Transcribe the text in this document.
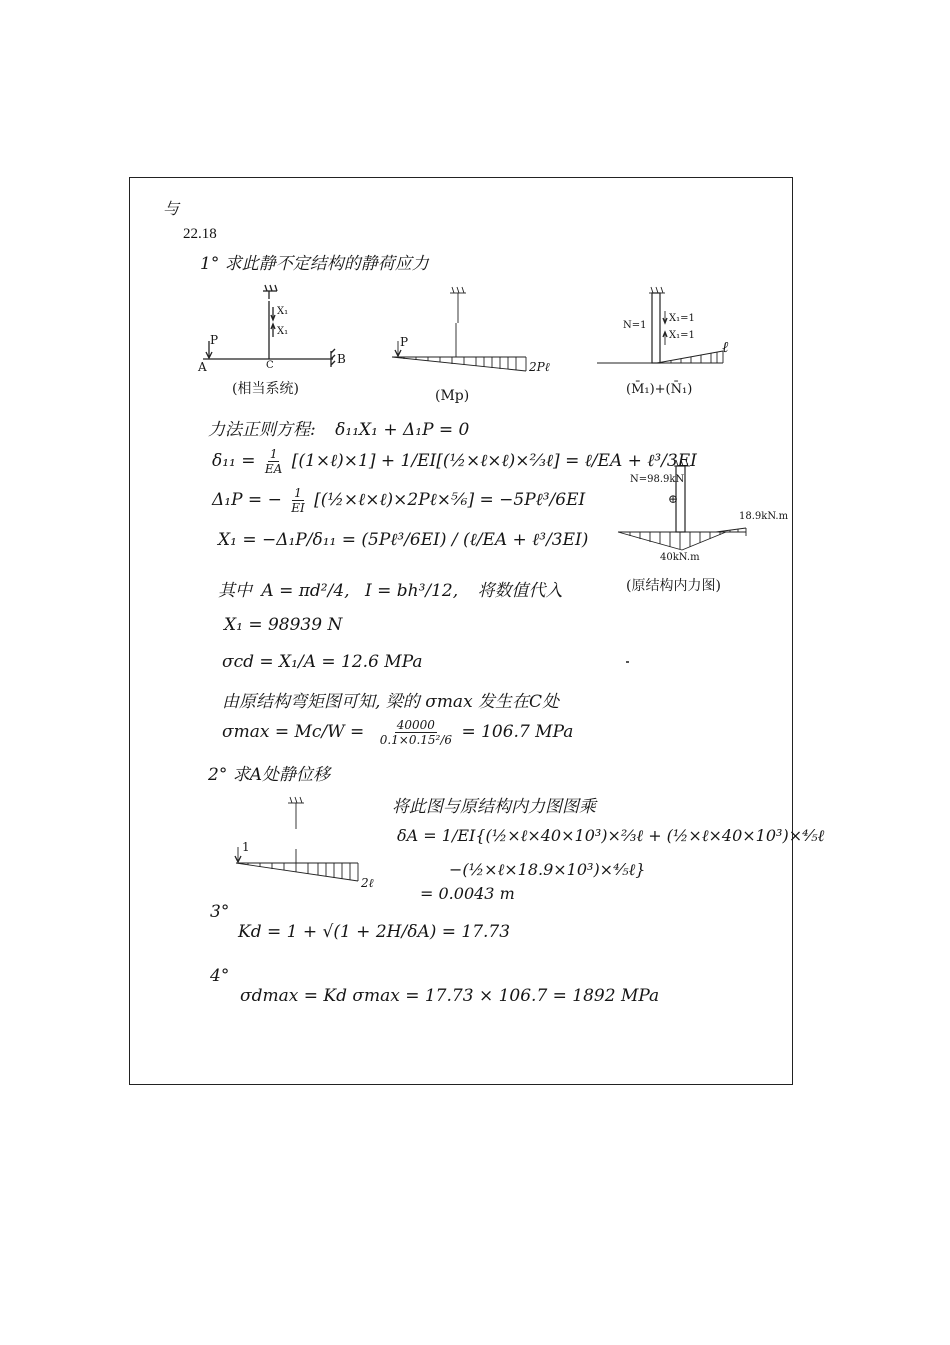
与
22.18
1° 求此静不定结构的静荷应力
P
A	C	B
X₁
X₁
(相当系统)
P
2Pℓ
(Mp)
N=1
X₁=1
X₁=1
ℓ
(M̄₁)+(N̄₁)
N=98.9kN
⊕
18.9kN.m
40kN.m
(原结构内力图)
力法正则方程: δ₁₁X₁ + Δ₁P = 0
$\delta_{11} = \frac{1}{EA}$ [(1×ℓ)×1] + 1/EI[(½×ℓ×ℓ)×⅔ℓ] = ℓ/EA + ℓ³/3EI
Δ₁P = − $\frac{1}{EI}$ [(½×ℓ×ℓ)×2Pℓ×⅚] = −5Pℓ³/6EI
X₁ = −Δ₁P/δ₁₁ = (5Pℓ³/6EI) / (ℓ/EA + ℓ³/3EI)
其中 A = πd²/4, I = bh³/12, 将数值代入
X₁ = 98939 N
σcd = X₁/A = 12.6 MPa
由原结构弯矩图可知, 梁的 σmax 发生在C处
$\sigma\max = Mc/W = \frac{40000}{\text{0.1×0.15²/6}} = 106.7$ MPa
2° 求A处静位移
1
2ℓ
将此图与原结构内力图图乘
δA = 1/EI{(½×ℓ×40×10³)×⅔ℓ + (½×ℓ×40×10³)×⅘ℓ
−(½×ℓ×18.9×10³)×⅘ℓ}
= 0.0043 m
3°
Kd = 1 + √(1 + 2H/δA) = 17.73
4°
σdmax = Kd σmax = 17.73 × 106.7 = 1892 MPa
